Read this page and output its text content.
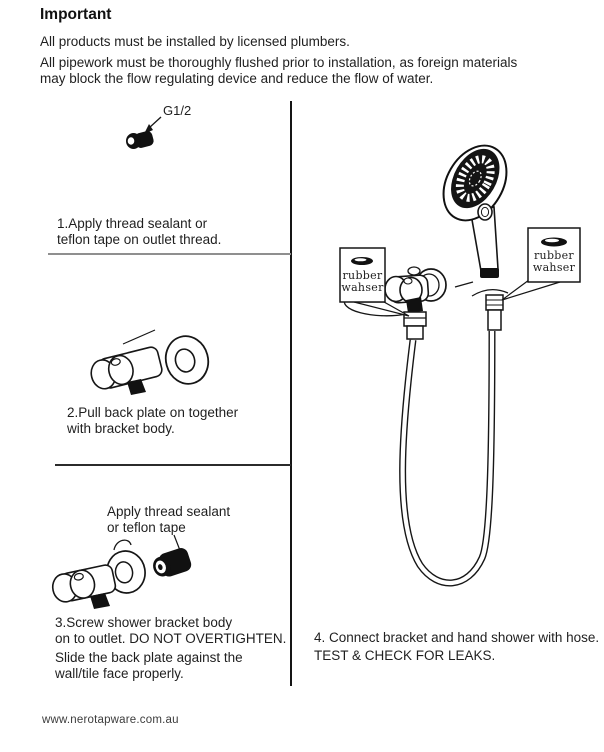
Important
All products must be installed by licensed plumbers.
All pipework must be thoroughly flushed prior to installation, as foreign materials
may block the flow regulating device and reduce the flow of water.
G1/2
1.Apply thread sealant or
teflon tape on outlet thread.
2.Pull back plate on together
with bracket body.
Apply thread sealant
or teflon tape
3.Screw shower bracket body
on to outlet. DO NOT OVERTIGHTEN.
Slide the back plate against the
wall/tile face properly.
rubber
wahser
rubber
wahser
4. Connect bracket and hand shower with hose.
TEST & CHECK FOR LEAKS.
www.nerotapware.com.au
